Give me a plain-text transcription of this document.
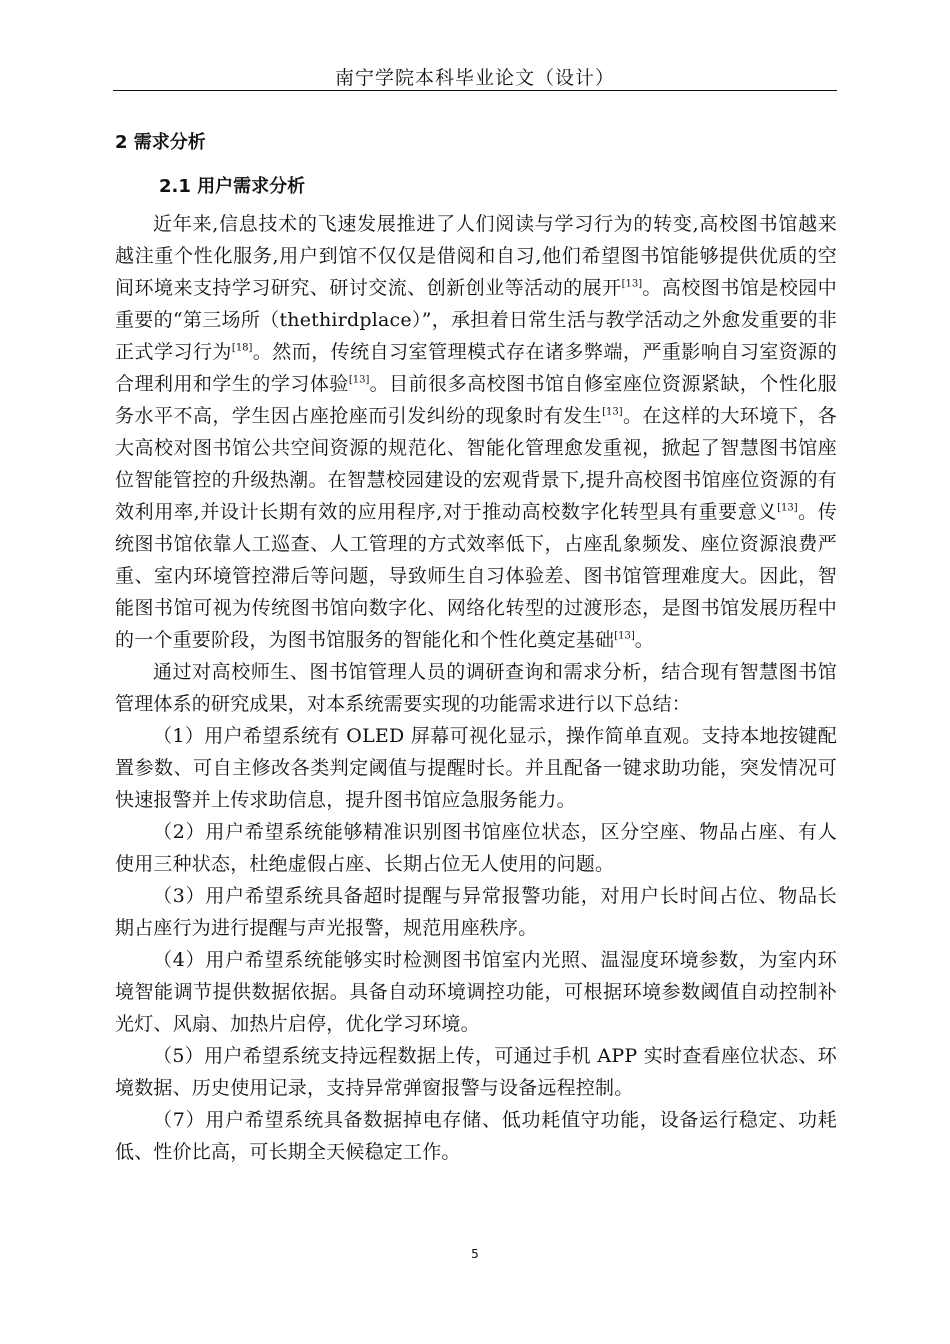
南宁学院本科毕业论文（设计）
2 需求分析
2.1 用户需求分析

近年来,信息技术的飞速发展推进了人们阅读与学习行为的转变,高校图书馆越来越注重个性化服务,用户到馆不仅仅是借阅和自习,他们希望图书馆能够提供优质的空间环境来支持学习研究、研讨交流、创新创业等活动的展开[13]。高校图书馆是校园中重要的“第三场所（thethirdplace）”，承担着日常生活与教学活动之外愈发重要的非正式学习行为[18]。然而，传统自习室管理模式存在诸多弊端，严重影响自习室资源的合理利用和学生的学习体验[13]。目前很多高校图书馆自修室座位资源紧缺，个性化服务水平不高，学生因占座抢座而引发纠纷的现象时有发生[13]。在这样的大环境下，各大高校对图书馆公共空间资源的规范化、智能化管理愈发重视，掀起了智慧图书馆座位智能管控的升级热潮。在智慧校园建设的宏观背景下,提升高校图书馆座位资源的有效利用率,并设计长期有效的应用程序,对于推动高校数字化转型具有重要意义[13]。传统图书馆依靠人工巡查、人工管理的方式效率低下，占座乱象频发、座位资源浪费严重、室内环境管控滞后等问题，导致师生自习体验差、图书馆管理难度大。因此，智能图书馆可视为传统图书馆向数字化、网络化转型的过渡形态，是图书馆发展历程中的一个重要阶段，为图书馆服务的智能化和个性化奠定基础[13]。

通过对高校师生、图书馆管理人员的调研查询和需求分析，结合现有智慧图书馆管理体系的研究成果，对本系统需要实现的功能需求进行以下总结：

（1）用户希望系统有 OLED 屏幕可视化显示，操作简单直观。支持本地按键配置参数、可自主修改各类判定阈值与提醒时长。并且配备一键求助功能，突发情况可快速报警并上传求助信息，提升图书馆应急服务能力。

（2）用户希望系统能够精准识别图书馆座位状态，区分空座、物品占座、有人使用三种状态，杜绝虚假占座、长期占位无人使用的问题。

（3）用户希望系统具备超时提醒与异常报警功能，对用户长时间占位、物品长期占座行为进行提醒与声光报警，规范用座秩序。

（4）用户希望系统能够实时检测图书馆室内光照、温湿度环境参数，为室内环境智能调节提供数据依据。具备自动环境调控功能，可根据环境参数阈值自动控制补光灯、风扇、加热片启停，优化学习环境。

（5）用户希望系统支持远程数据上传，可通过手机 APP 实时查看座位状态、环境数据、历史使用记录，支持异常弹窗报警与设备远程控制。

（7）用户希望系统具备数据掉电存储、低功耗值守功能，设备运行稳定、功耗低、性价比高，可长期全天候稳定工作。

5
